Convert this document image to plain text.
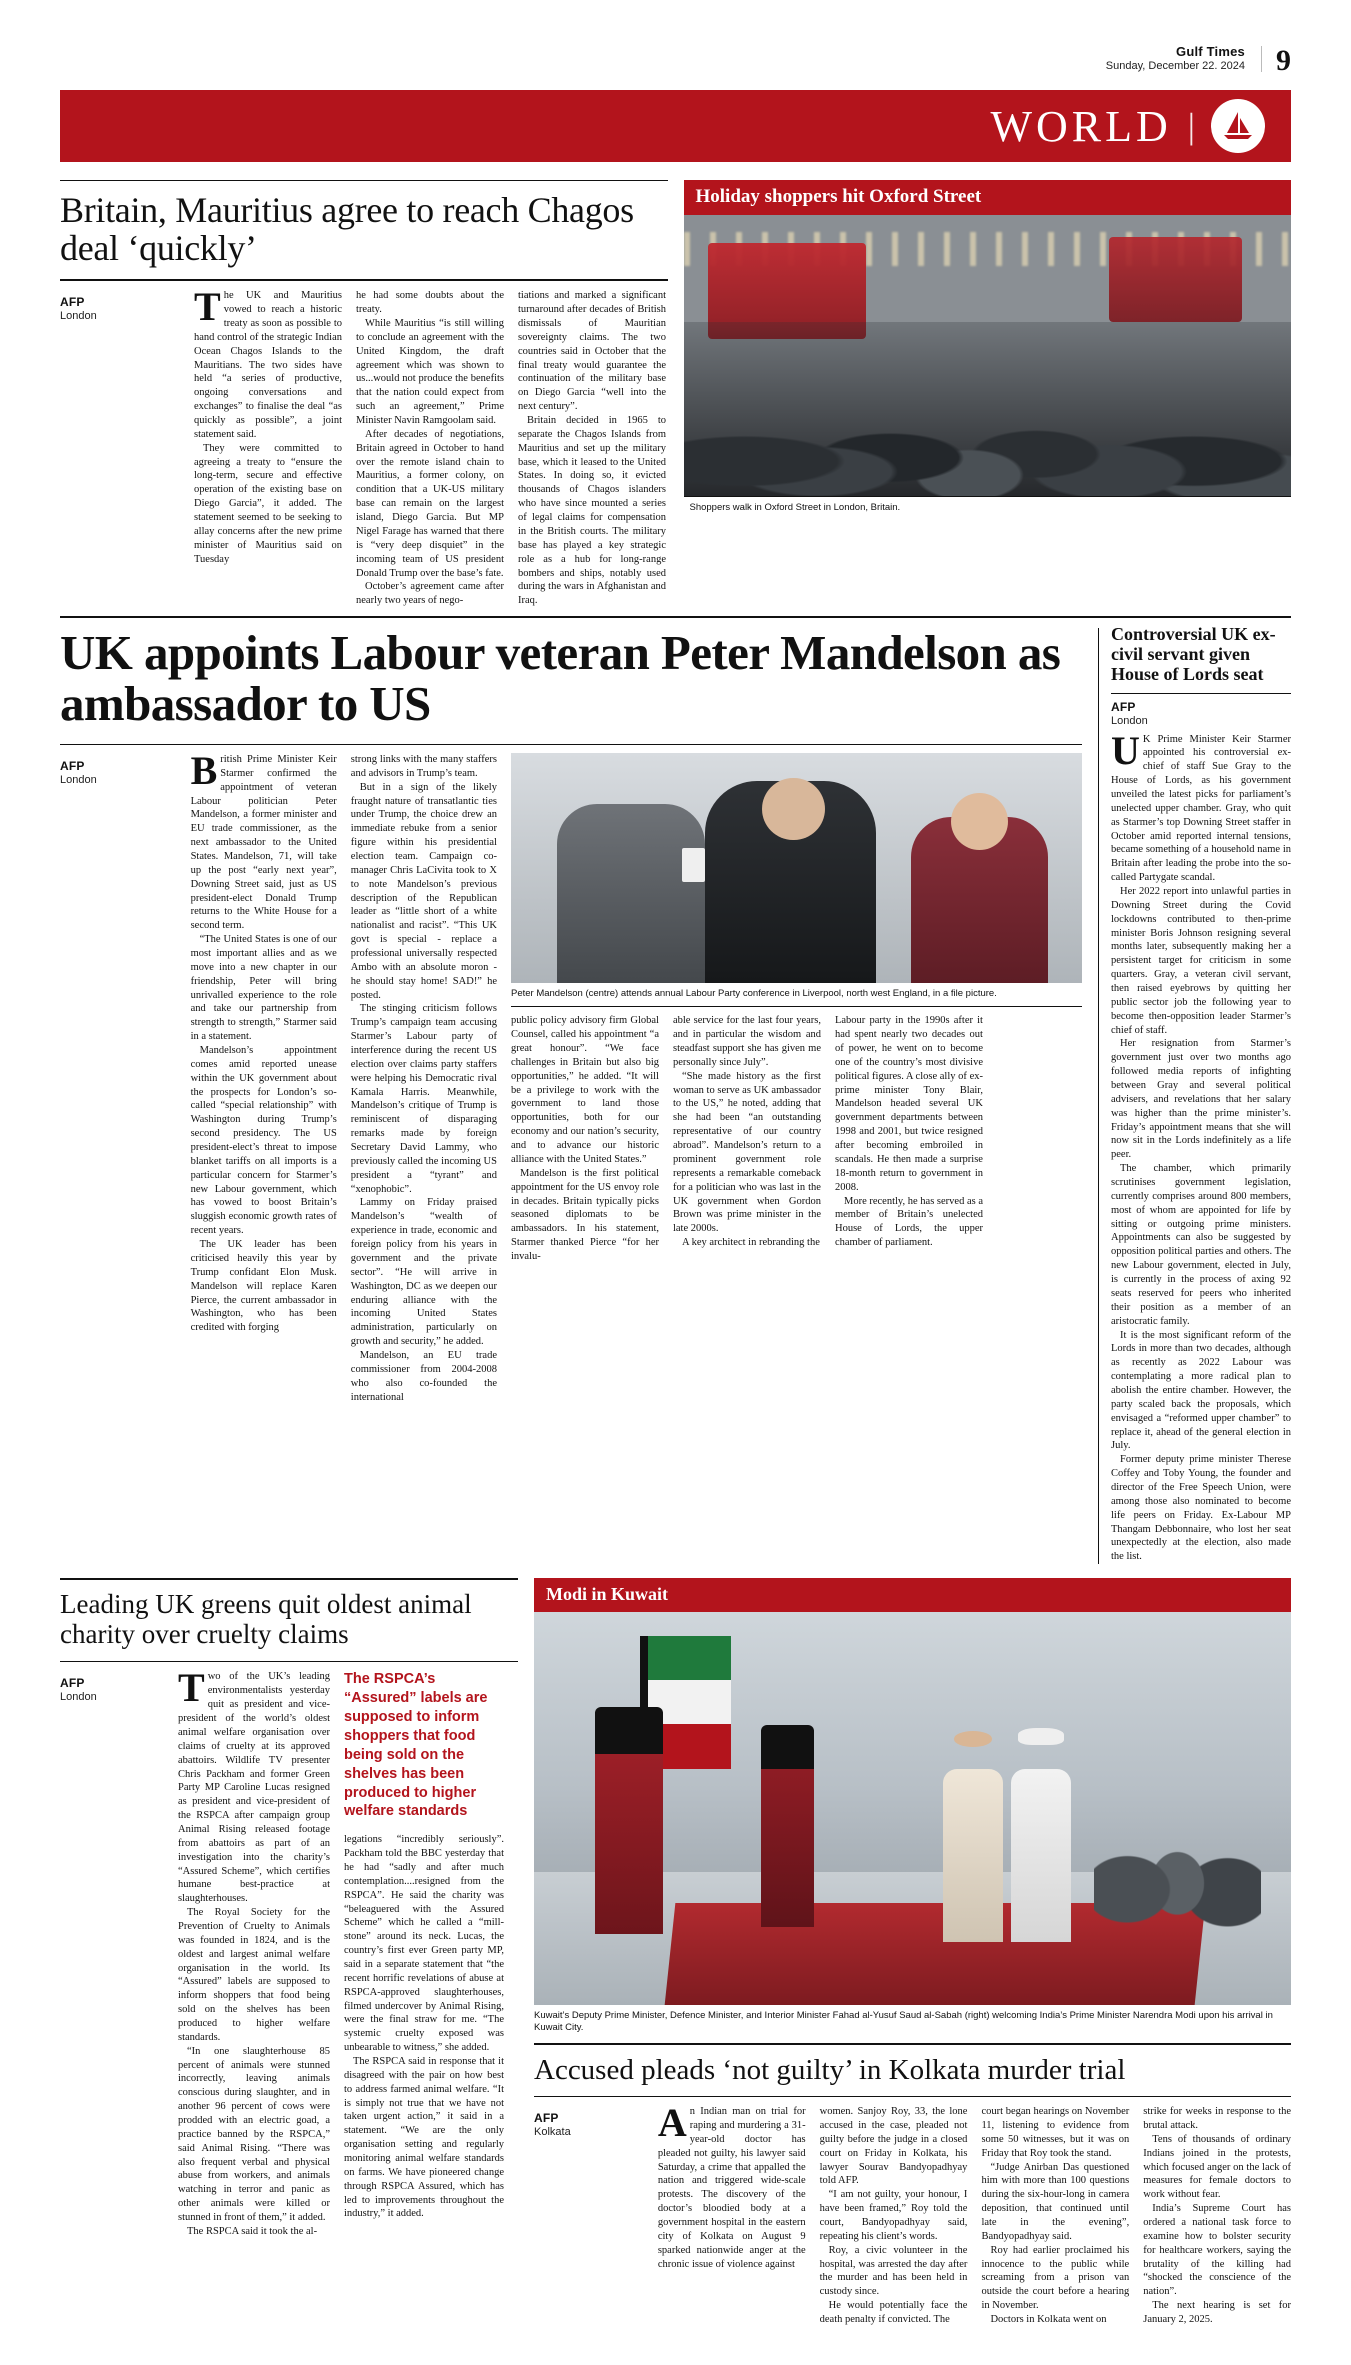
Gulf Times
Sunday, December 22. 2024 9
WORLD |
Britain, Mauritius agree to reach Chagos deal ‘quickly’
AFP
London	The UK and Mauritius vowed to reach a historic treaty as soon as possible to hand control of the strategic Indian Ocean Chagos Islands to the Mauritians. The two sides have held “a series of productive, ongoing conversations and exchanges” to finalise the deal “as quickly as possible”, a joint statement said.

They were committed to agreeing a treaty to “ensure the long-term, secure and effective operation of the existing base on Diego Garcia”, it added. The statement seemed to be seeking to allay concerns after the new prime minister of Mauritius said on Tuesday

he had some doubts about the treaty.

While Mauritius “is still willing to conclude an agreement with the United Kingdom, the draft agreement which was shown to us...would not produce the benefits that the nation could expect from such an agreement,” Prime Minister Navin Ramgoolam said.

After decades of negotiations, Britain agreed in October to hand over the remote island chain to Mauritius, a former colony, on condition that a UK-US military base can remain on the largest island, Diego Garcia. But MP Nigel Farage has warned that there is “very deep disquiet” in the incoming team of US president Donald Trump over the base’s fate.

October’s agreement came after nearly two years of nego-

tiations and marked a significant turnaround after decades of British dismissals of Mauritian sovereignty claims. The two countries said in October that the final treaty would guarantee the continuation of the military base on Diego Garcia “well into the next century”.

Britain decided in 1965 to separate the Chagos Islands from Mauritius and set up the military base, which it leased to the United States. In doing so, it evicted thousands of Chagos islanders who have since mounted a series of legal claims for compensation in the British courts. The military base has played a key strategic role as a hub for long-range bombers and ships, notably used during the wars in Afghanistan and Iraq.

Holiday shoppers hit Oxford Street
Shoppers walk in Oxford Street in London, Britain.
UK appoints Labour veteran Peter Mandelson as ambassador to US
AFP
London	British Prime Minister Keir Starmer confirmed the appointment of veteran Labour politician Peter Mandelson, a former minister and EU trade commissioner, as the next ambassador to the United States. Mandelson, 71, will take up the post “early next year”, Downing Street said, just as US president-elect Donald Trump returns to the White House for a second term.

“The United States is one of our most important allies and as we move into a new chapter in our friendship, Peter will bring unrivalled experience to the role and take our partnership from strength to strength,” Starmer said in a statement.

Mandelson’s appointment comes amid reported unease within the UK government about the prospects for London’s so-called “special relationship” with Washington during Trump’s second presidency. The US president-elect’s threat to impose blanket tariffs on all imports is a particular concern for Starmer’s new Labour government, which has vowed to boost Britain’s sluggish economic growth rates of recent years.

The UK leader has been criticised heavily this year by Trump confidant Elon Musk. Mandelson will replace Karen Pierce, the current ambassador in Washington, who has been credited with forging

strong links with the many staffers and advisors in Trump’s team.

But in a sign of the likely fraught nature of transatlantic ties under Trump, the choice drew an immediate rebuke from a senior figure within his presidential election team. Campaign co-manager Chris LaCivita took to X to note Mandelson’s previous description of the Republican leader as “little short of a white nationalist and racist”. “This UK govt is special - replace a professional universally respected Ambo with an absolute moron - he should stay home! SAD!” he posted.

The stinging criticism follows Trump’s campaign team accusing Starmer’s Labour party of interference during the recent US election over claims party staffers were helping his Democratic rival Kamala Harris. Meanwhile, Mandelson’s critique of Trump is reminiscent of disparaging remarks made by foreign Secretary David Lammy, who previously called the incoming US president a “tyrant” and “xenophobic”.

Lammy on Friday praised Mandelson’s “wealth of experience in trade, economic and foreign policy from his years in government and the private sector”. “He will arrive in Washington, DC as we deepen our enduring alliance with the incoming United States administration, particularly on growth and security,” he added.

Mandelson, an EU trade commissioner from 2004-2008 who also co-founded the international

Peter Mandelson (centre) attends annual Labour Party conference in Liverpool, north west England, in a file picture.

public policy advisory firm Global Counsel, called his appointment “a great honour”. “We face challenges in Britain but also big opportunities,” he added. “It will be a privilege to work with the government to land those opportunities, both for our economy and our nation’s security, and to advance our historic alliance with the United States.”

Mandelson is the first political appointment for the US envoy role in decades. Britain typically picks seasoned diplomats to be ambassadors. In his statement, Starmer thanked Pierce “for her invalu-

able service for the last four years, and in particular the wisdom and steadfast support she has given me personally since July”.

“She made history as the first woman to serve as UK ambassador to the US,” he noted, adding that she had been “an outstanding representative of our country abroad”. Mandelson’s return to a prominent government role represents a remarkable comeback for a politician who was last in the UK government when Gordon Brown was prime minister in the late 2000s.

A key architect in rebranding the

Labour party in the 1990s after it had spent nearly two decades out of power, he went on to become one of the country’s most divisive political figures. A close ally of ex-prime minister Tony Blair, Mandelson headed several UK government departments between 1998 and 2001, but twice resigned after becoming embroiled in scandals. He then made a surprise 18-month return to government in 2008.

More recently, he has served as a member of Britain’s unelected House of Lords, the upper chamber of parliament.

Controversial UK ex-civil servant given House of Lords seat
AFP
London

UK Prime Minister Keir Starmer appointed his controversial ex-chief of staff Sue Gray to the House of Lords, as his government unveiled the latest picks for parliament’s unelected upper chamber. Gray, who quit as Starmer’s top Downing Street staffer in October amid reported internal tensions, became something of a household name in Britain after leading the probe into the so-called Partygate scandal.

Her 2022 report into unlawful parties in Downing Street during the Covid lockdowns contributed to then-prime minister Boris Johnson resigning several months later, subsequently making her a persistent target for criticism in some quarters. Gray, a veteran civil servant, then raised eyebrows by quitting her public sector job the following year to become then-opposition leader Starmer’s chief of staff.

Her resignation from Starmer’s government just over two months ago followed media reports of infighting between Gray and several political advisers, and revelations that her salary was higher than the prime minister’s. Friday’s appointment means that she will now sit in the Lords indefinitely as a life peer.

The chamber, which primarily scrutinises government legislation, currently comprises around 800 members, most of whom are appointed for life by sitting or outgoing prime ministers. Appointments can also be suggested by opposition political parties and others. The new Labour government, elected in July, is currently in the process of axing 92 seats reserved for peers who inherited their position as a member of an aristocratic family.

It is the most significant reform of the Lords in more than two decades, although as recently as 2022 Labour was contemplating a more radical plan to abolish the entire chamber. However, the party scaled back the proposals, which envisaged a “reformed upper chamber” to replace it, ahead of the general election in July.

Former deputy prime minister Therese Coffey and Toby Young, the founder and director of the Free Speech Union, were among those also nominated to become life peers on Friday. Ex-Labour MP Thangam Debbonnaire, who lost her seat unexpectedly at the election, also made the list.

Leading UK greens quit oldest animal charity over cruelty claims
AFP
London	Two of the UK’s leading environmentalists yesterday quit as president and vice-president of the world’s oldest animal welfare organisation over claims of cruelty at its approved abattoirs. Wildlife TV presenter Chris Packham and former Green Party MP Caroline Lucas resigned as president and vice-president of the RSPCA after campaign group Animal Rising released footage from abattoirs as part of an investigation into the charity’s “Assured Scheme”, which certifies humane best-practice at slaughterhouses.

The Royal Society for the Prevention of Cruelty to Animals was founded in 1824, and is the oldest and largest animal welfare organisation in the world. Its “Assured” labels are supposed to inform shoppers that food being sold on the shelves has been produced to higher welfare standards.

“In one slaughterhouse 85 percent of animals were stunned incorrectly, leaving animals conscious during slaughter, and in another 96 percent of cows were prodded with an electric goad, a practice banned by the RSPCA,” said Animal Rising. “There was also frequent verbal and physical abuse from workers, and animals watching in terror and panic as other animals were killed or stunned in front of them,” it added.

The RSPCA said it took the al-

The RSPCA’s “Assured” labels are supposed to inform shoppers that food being sold on the shelves has been produced to higher welfare standards

legations “incredibly seriously”. Packham told the BBC yesterday that he had “sadly and after much contemplation....resigned from the RSPCA”. He said the charity was “beleaguered with the Assured Scheme” which he called a “mill-stone” around its neck. Lucas, the country’s first ever Green party MP, said in a separate statement that “the recent horrific revelations of abuse at RSPCA-approved slaughterhouses, filmed undercover by Animal Rising, were the final straw for me. “The systemic cruelty exposed was unbearable to witness,” she added.

The RSPCA said in response that it disagreed with the pair on how best to address farmed animal welfare. “It is simply not true that we have not taken urgent action,” it said in a statement. “We are the only organisation setting and regularly monitoring animal welfare standards on farms. We have pioneered change through RSPCA Assured, which has led to improvements throughout the industry,” it added.

Modi in Kuwait
Kuwait’s Deputy Prime Minister, Defence Minister, and Interior Minister Fahad al-Yusuf Saud al-Sabah (right) welcoming India’s Prime Minister Narendra Modi upon his arrival in Kuwait City.
Accused pleads ‘not guilty’ in Kolkata murder trial
AFP
Kolkata	An Indian man on trial for raping and murdering a 31-year-old doctor has pleaded not guilty, his lawyer said Saturday, a crime that appalled the nation and triggered wide-scale protests. The discovery of the doctor’s bloodied body at a government hospital in the eastern city of Kolkata on August 9 sparked nationwide anger at the chronic issue of violence against

women. Sanjoy Roy, 33, the lone accused in the case, pleaded not guilty before the judge in a closed court on Friday in Kolkata, his lawyer Sourav Bandyopadhyay told AFP.

“I am not guilty, your honour, I have been framed,” Roy told the court, Bandyopadhyay said, repeating his client’s words.

Roy, a civic volunteer in the hospital, was arrested the day after the murder and has been held in custody since.

He would potentially face the death penalty if convicted. The

court began hearings on November 11, listening to evidence from some 50 witnesses, but it was on Friday that Roy took the stand.

“Judge Anirban Das questioned him with more than 100 questions during the six-hour-long in camera deposition, that continued until late in the evening”, Bandyopadhyay said.

Roy had earlier proclaimed his innocence to the public while screaming from a prison van outside the court before a hearing in November.

Doctors in Kolkata went on

strike for weeks in response to the brutal attack.

Tens of thousands of ordinary Indians joined in the protests, which focused anger on the lack of measures for female doctors to work without fear.

India’s Supreme Court has ordered a national task force to examine how to bolster security for healthcare workers, saying the brutality of the killing had “shocked the conscience of the nation”.

The next hearing is set for January 2, 2025.
